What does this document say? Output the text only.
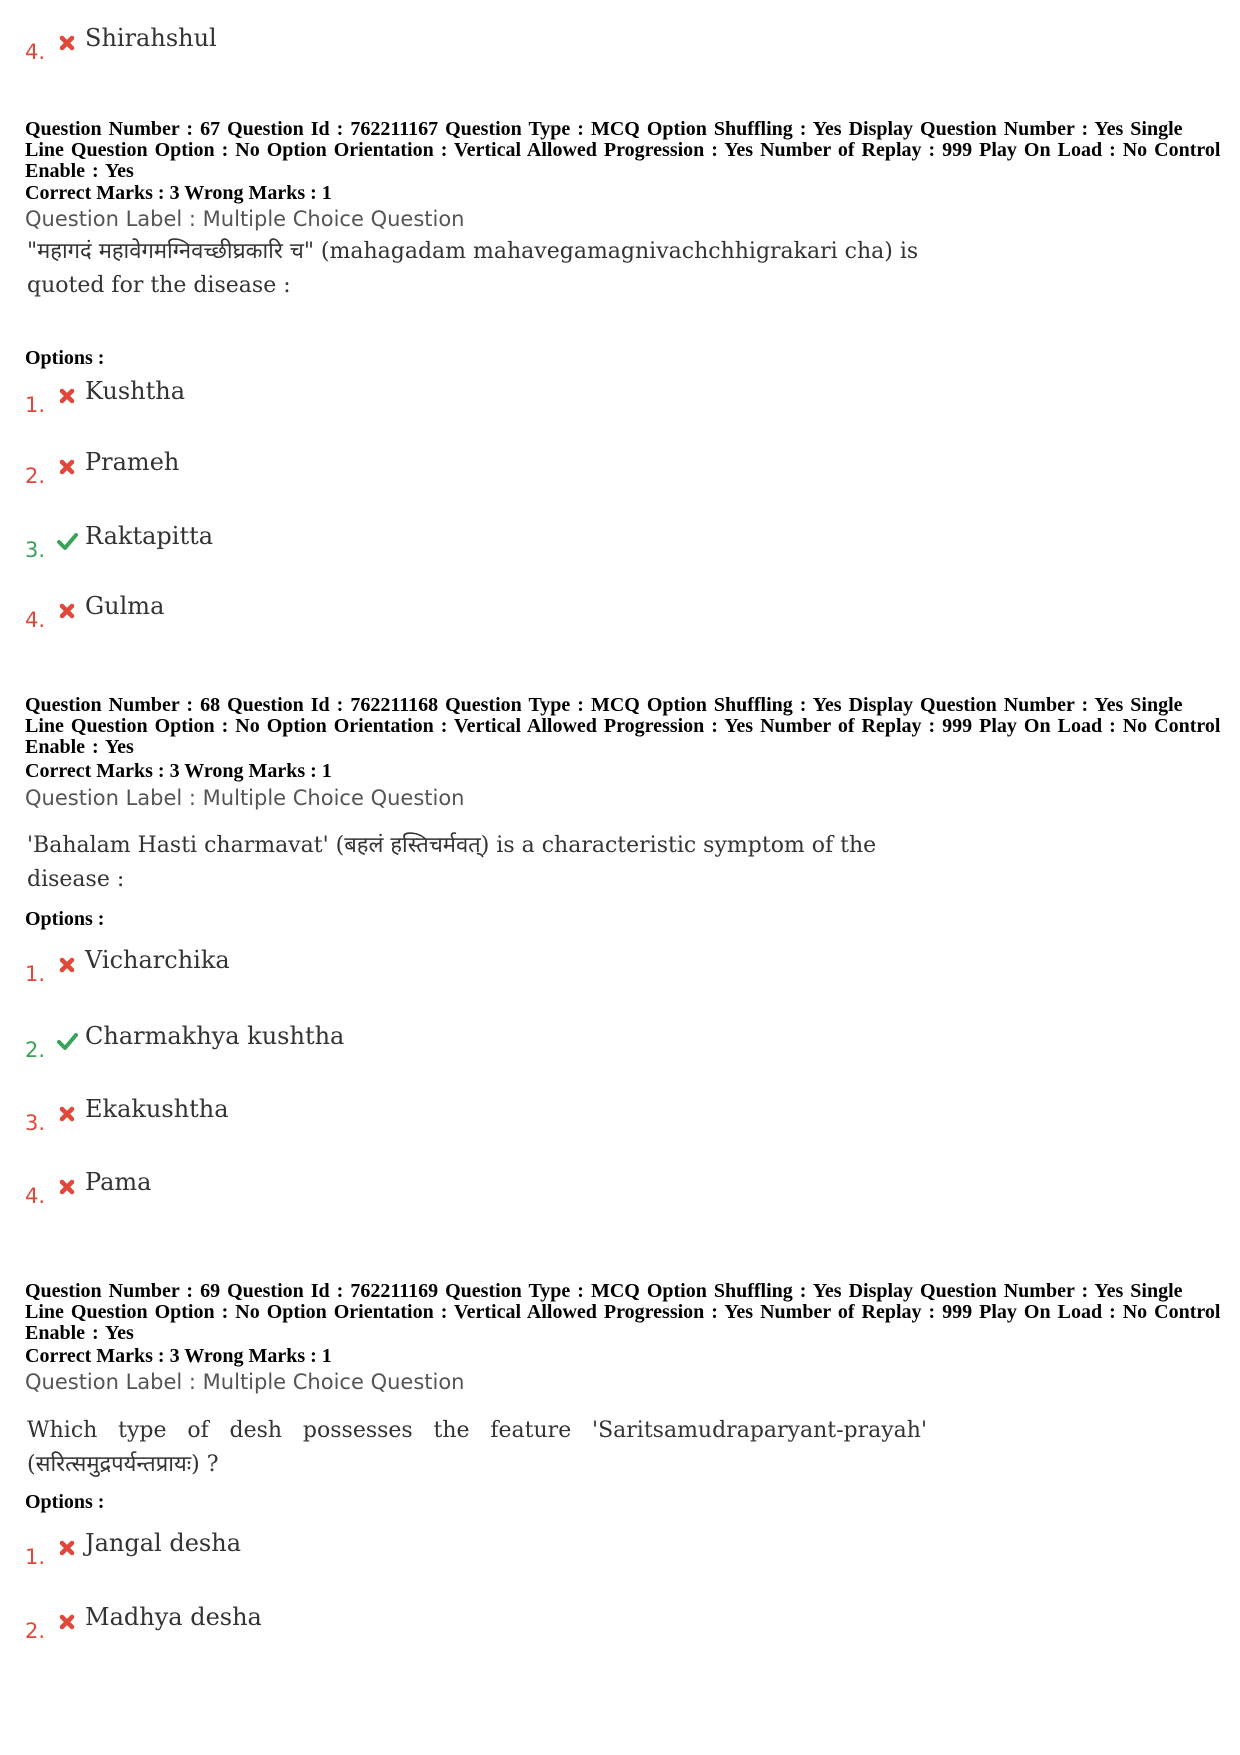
4. Shirahshul
Question Number : 67 Question Id : 762211167 Question Type : MCQ Option Shuffling : Yes Display Question Number : Yes Single Line Question Option : No Option Orientation : Vertical Allowed Progression : Yes Number of Replay : 999 Play On Load : No Control Enable : Yes
Correct Marks : 3 Wrong Marks : 1
Question Label : Multiple Choice Question
"महागदं महावेगमग्निवच्छीघ्रकारि च" (mahagadam mahavegamagnivachchhigrakari cha) is quoted for the disease :
Options :
1. Kushtha
2. Prameh
3. Raktapitta
4. Gulma
Question Number : 68 Question Id : 762211168 Question Type : MCQ Option Shuffling : Yes Display Question Number : Yes Single Line Question Option : No Option Orientation : Vertical Allowed Progression : Yes Number of Replay : 999 Play On Load : No Control Enable : Yes
Correct Marks : 3 Wrong Marks : 1
Question Label : Multiple Choice Question
'Bahalam Hasti charmavat' (बहलं हस्तिचर्मवत्) is a characteristic symptom of the disease :
Options :
1. Vicharchika
2. Charmakhya kushtha
3. Ekakushtha
4. Pama
Question Number : 69 Question Id : 762211169 Question Type : MCQ Option Shuffling : Yes Display Question Number : Yes Single Line Question Option : No Option Orientation : Vertical Allowed Progression : Yes Number of Replay : 999 Play On Load : No Control Enable : Yes
Correct Marks : 3 Wrong Marks : 1
Question Label : Multiple Choice Question
Which type of desh possesses the feature 'Saritsamudraparyant-prayah' (सरित्समुद्रपर्यन्तप्रायः) ?
Options :
1. Jangal desha
2. Madhya desha
